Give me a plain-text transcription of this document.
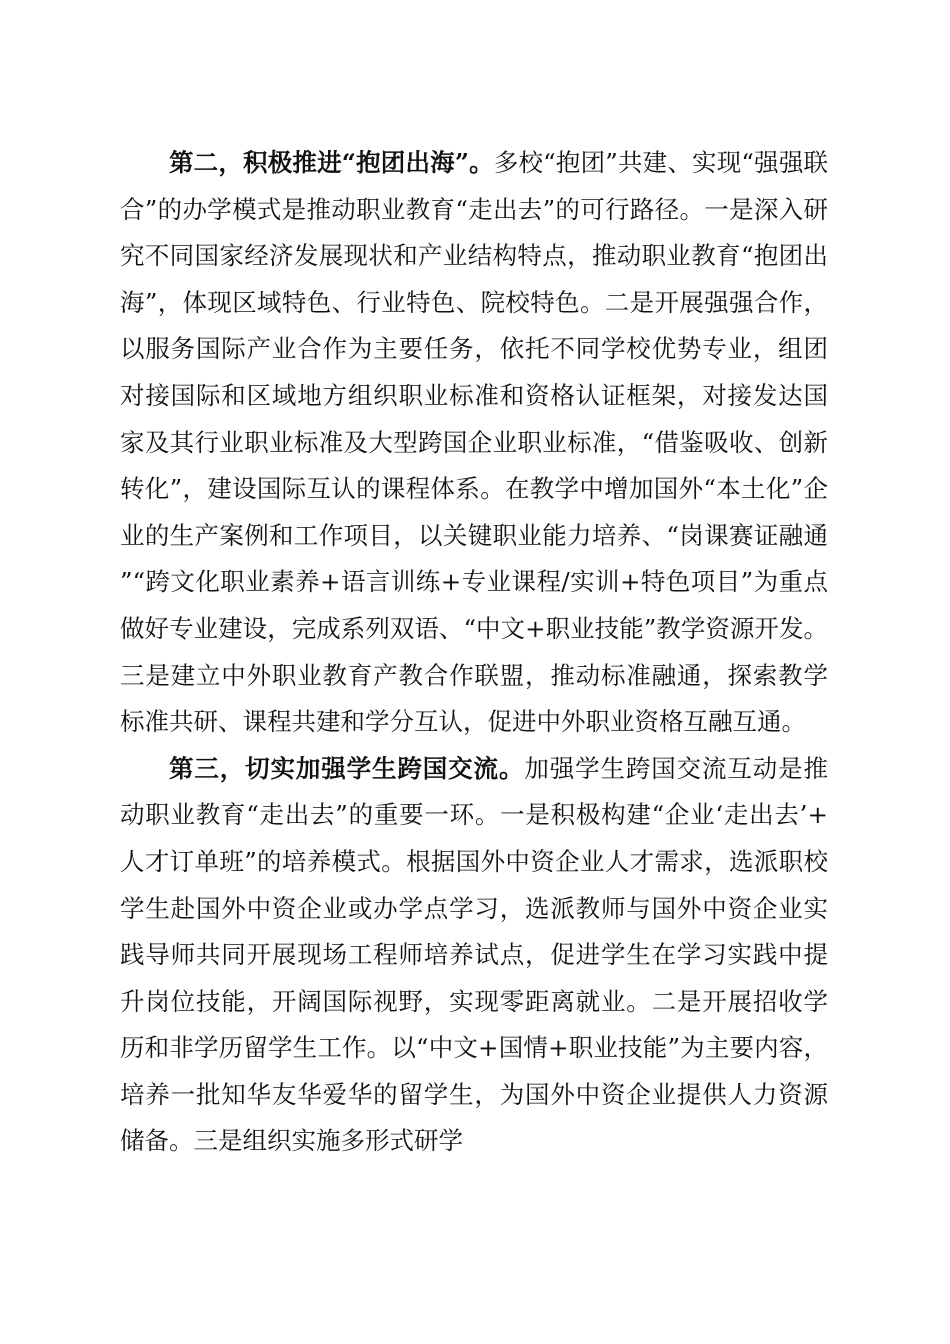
第二，积极推进“抱团出海”。多校“抱团”共建、实现“强强联合”的办学模式是推动职业教育“走出去”的可行路径。一是深入研究不同国家经济发展现状和产业结构特点，推动职业教育“抱团出海”，体现区域特色、行业特色、院校特色。二是开展强强合作，以服务国际产业合作为主要任务，依托不同学校优势专业，组团对接国际和区域地方组织职业标准和资格认证框架，对接发达国家及其行业职业标准及大型跨国企业职业标准，“借鉴吸收、创新转化”，建设国际互认的课程体系。在教学中增加国外“本土化”企业的生产案例和工作项目，以关键职业能力培养、“岗课赛证融通”“跨文化职业素养+语言训练+专业课程/实训+特色项目”为重点做好专业建设，完成系列双语、“中文+职业技能”教学资源开发。三是建立中外职业教育产教合作联盟，推动标准融通，探索教学标准共研、课程共建和学分互认，促进中外职业资格互融互通。

第三，切实加强学生跨国交流。加强学生跨国交流互动是推动职业教育“走出去”的重要一环。一是积极构建“企业‘走出去’+人才订单班”的培养模式。根据国外中资企业人才需求，选派职校学生赴国外中资企业或办学点学习，选派教师与国外中资企业实践导师共同开展现场工程师培养试点，促进学生在学习实践中提升岗位技能，开阔国际视野，实现零距离就业。二是开展招收学历和非学历留学生工作。以“中文+国情+职业技能”为主要内容，培养一批知华友华爱华的留学生，为国外中资企业提供人力资源储备。三是组织实施多形式研学
